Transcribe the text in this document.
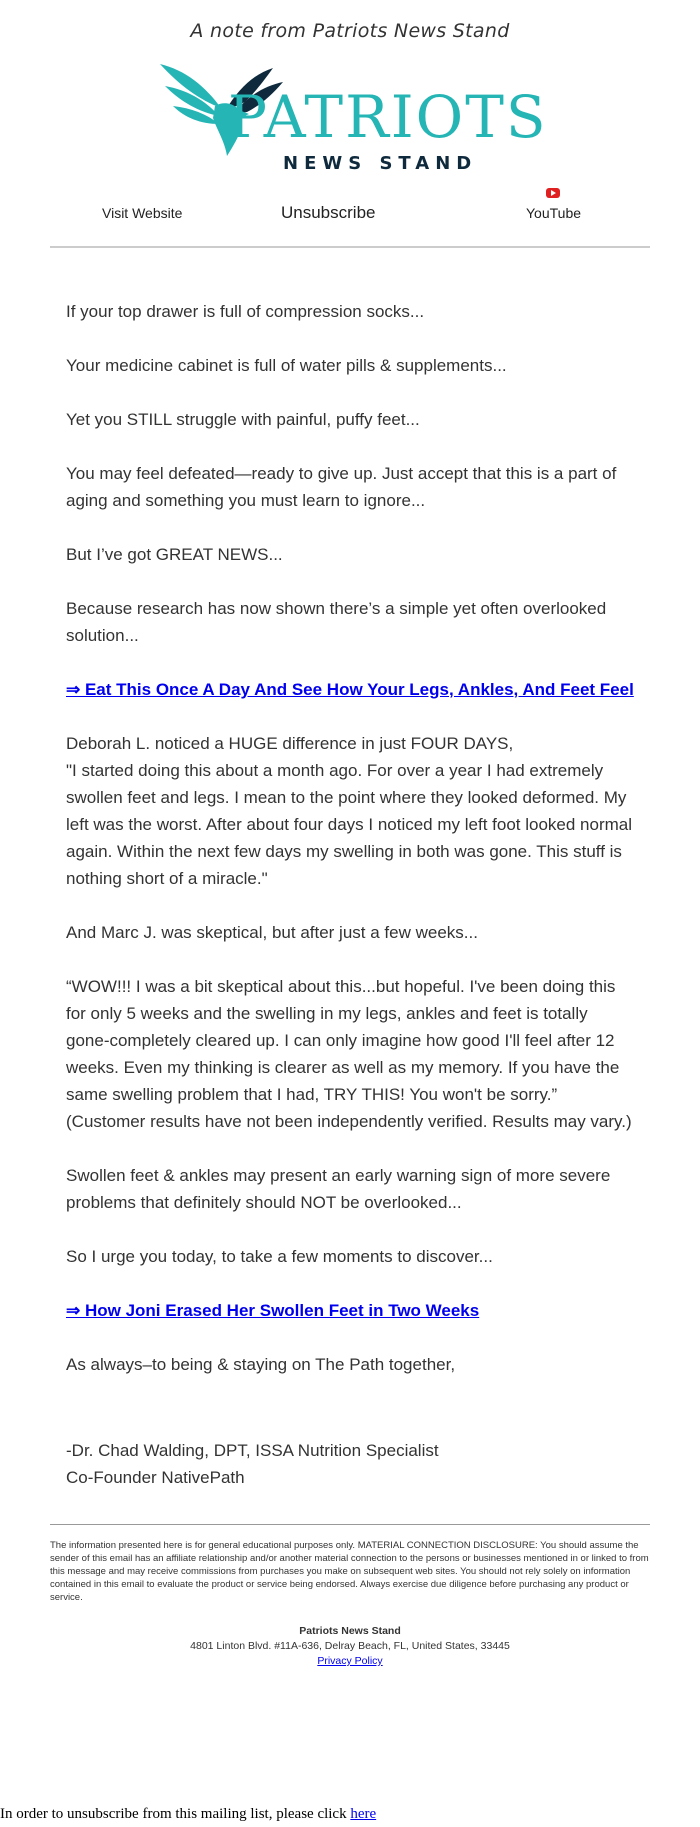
A note from Patriots News Stand
PATRIOTS
NEWS STAND
Visit Website	Unsubscribe	YouTube

If your top drawer is full of compression socks...

Your medicine cabinet is full of water pills & supplements...

Yet you STILL struggle with painful, puffy feet...

You may feel defeated—ready to give up. Just accept that this is a part of aging and something you must learn to ignore...

But I’ve got GREAT NEWS...

Because research has now shown there’s a simple yet often overlooked solution...

⇒ Eat This Once A Day And See How Your Legs, Ankles, And Feet Feel

Deborah L. noticed a HUGE difference in just FOUR DAYS,
"I started doing this about a month ago. For over a year I had extremely swollen feet and legs. I mean to the point where they looked deformed. My left was the worst. After about four days I noticed my left foot looked normal again. Within the next few days my swelling in both was gone. This stuff is nothing short of a miracle."

And Marc J. was skeptical, but after just a few weeks...

“WOW!!! I was a bit skeptical about this...but hopeful. I've been doing this for only 5 weeks and the swelling in my legs, ankles and feet is totally gone-completely cleared up. I can only imagine how good I'll feel after 12 weeks. Even my thinking is clearer as well as my memory. If you have the same swelling problem that I had, TRY THIS! You won't be sorry.”
(Customer results have not been independently verified. Results may vary.)

Swollen feet & ankles may present an early warning sign of more severe problems that definitely should NOT be overlooked...

So I urge you today, to take a few moments to discover...

⇒ How Joni Erased Her Swollen Feet in Two Weeks

As always–to being & staying on The Path together,

-Dr. Chad Walding, DPT, ISSA Nutrition Specialist
Co-Founder NativePath

The information presented here is for general educational purposes only. MATERIAL CONNECTION DISCLOSURE: You should assume the sender of this email has an affiliate relationship and/or another material connection to the persons or businesses mentioned in or linked to from this message and may receive commissions from purchases you make on subsequent web sites. You should not rely solely on information contained in this email to evaluate the product or service being endorsed. Always exercise due diligence before purchasing any product or service.
Patriots News Stand
4801 Linton Blvd. #11A-636, Delray Beach, FL, United States, 33445
Privacy Policy
In order to unsubscribe from this mailing list, please click here
